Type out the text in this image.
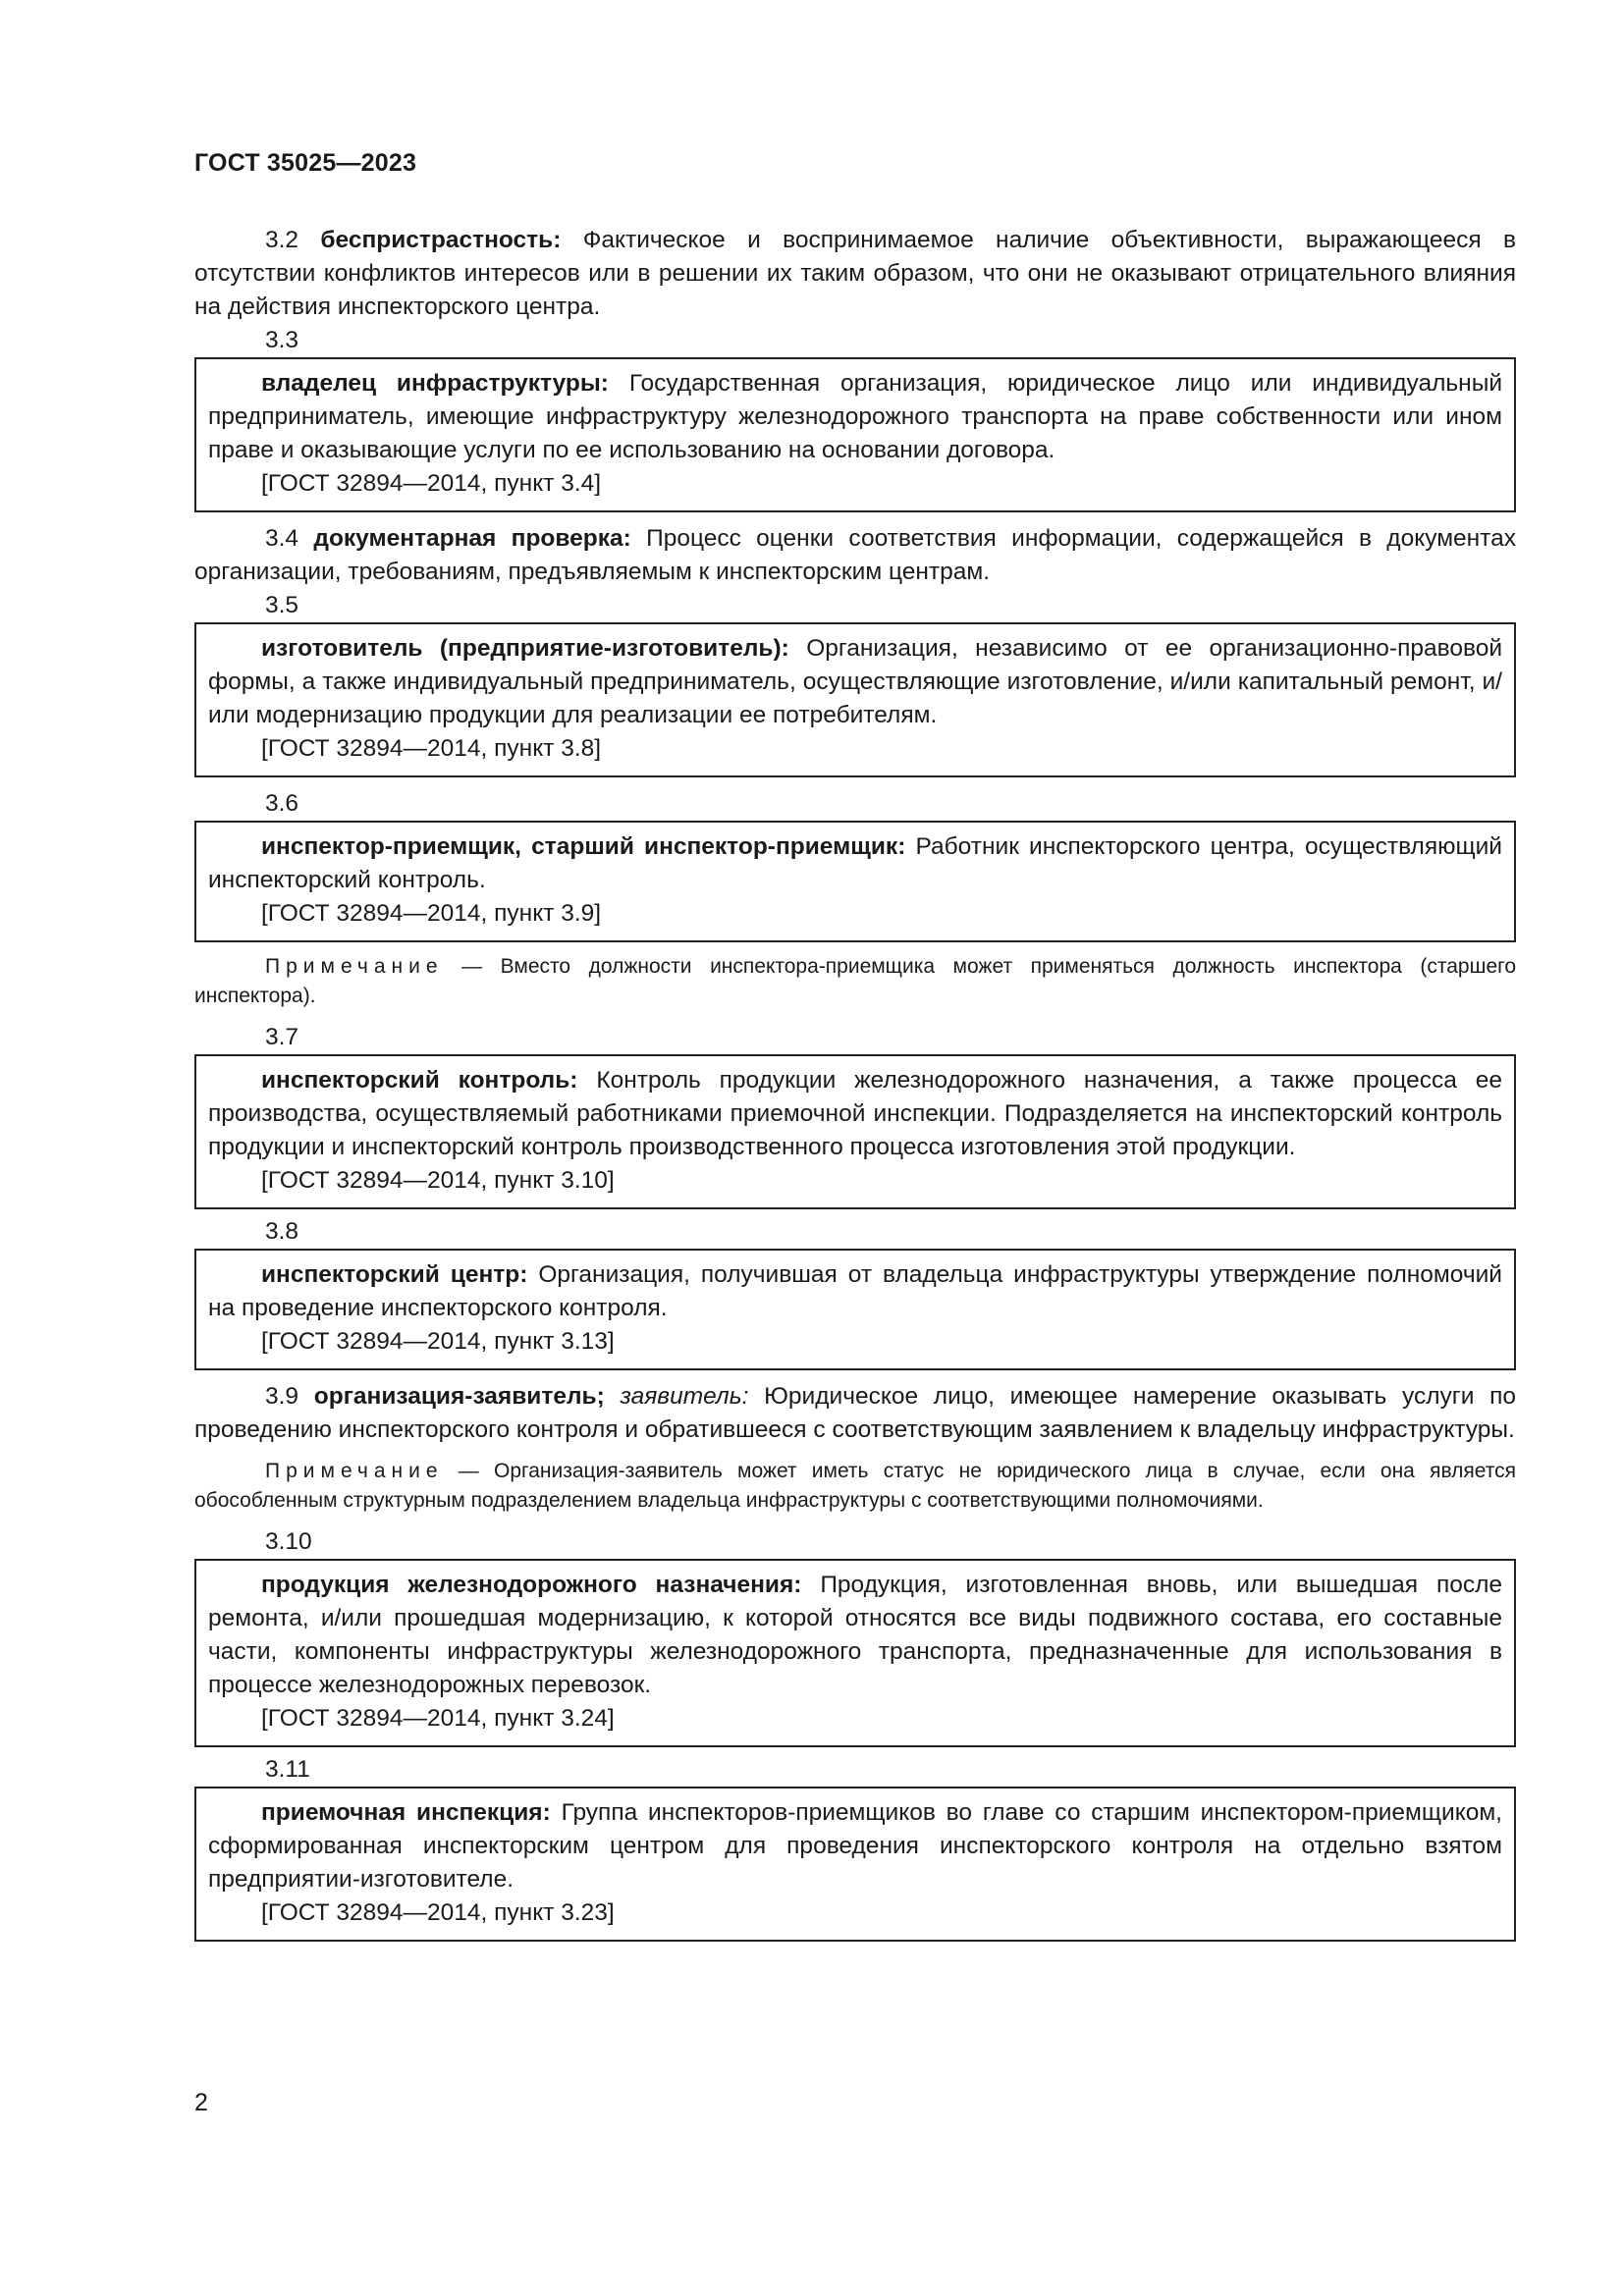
ГОСТ 35025—2023

3.2 беспристрастность: Фактическое и воспринимаемое наличие объективности, выражающееся в отсутствии конфликтов интересов или в решении их таким образом, что они не оказывают отрицательного влияния на действия инспекторского центра.

3.3

владелец инфраструктуры: Государственная организация, юридическое лицо или индивидуальный предприниматель, имеющие инфраструктуру железнодорожного транспорта на праве собственности или ином праве и оказывающие услуги по ее использованию на основании договора.

[ГОСТ 32894—2014, пункт 3.4]

3.4 документарная проверка: Процесс оценки соответствия информации, содержащейся в документах организации, требованиям, предъявляемым к инспекторским центрам.

3.5

изготовитель (предприятие-изготовитель): Организация, независимо от ее организационно-правовой формы, а также индивидуальный предприниматель, осуществляющие изготовление, и/или капитальный ремонт, и/или модернизацию продукции для реализации ее потребителям.

[ГОСТ 32894—2014, пункт 3.8]

3.6

инспектор-приемщик, старший инспектор-приемщик: Работник инспекторского центра, осуществляющий инспекторский контроль.

[ГОСТ 32894—2014, пункт 3.9]

Примечание — Вместо должности инспектора-приемщика может применяться должность инспектора (старшего инспектора).

3.7

инспекторский контроль: Контроль продукции железнодорожного назначения, а также процесса ее производства, осуществляемый работниками приемочной инспекции. Подразделяется на инспекторский контроль продукции и инспекторский контроль производственного процесса изготовления этой продукции.

[ГОСТ 32894—2014, пункт 3.10]

3.8

инспекторский центр: Организация, получившая от владельца инфраструктуры утверждение полномочий на проведение инспекторского контроля.

[ГОСТ 32894—2014, пункт 3.13]

3.9 организация-заявитель; заявитель: Юридическое лицо, имеющее намерение оказывать услуги по проведению инспекторского контроля и обратившееся с соответствующим заявлением к владельцу инфраструктуры.

Примечание — Организация-заявитель может иметь статус не юридического лица в случае, если она является обособленным структурным подразделением владельца инфраструктуры с соответствующими полномочиями.

3.10

продукция железнодорожного назначения: Продукция, изготовленная вновь, или вышедшая после ремонта, и/или прошедшая модернизацию, к которой относятся все виды подвижного состава, его составные части, компоненты инфраструктуры железнодорожного транспорта, предназначенные для использования в процессе железнодорожных перевозок.

[ГОСТ 32894—2014, пункт 3.24]

3.11

приемочная инспекция: Группа инспекторов-приемщиков во главе со старшим инспектором-приемщиком, сформированная инспекторским центром для проведения инспекторского контроля на отдельно взятом предприятии-изготовителе.

[ГОСТ 32894—2014, пункт 3.23]

2
